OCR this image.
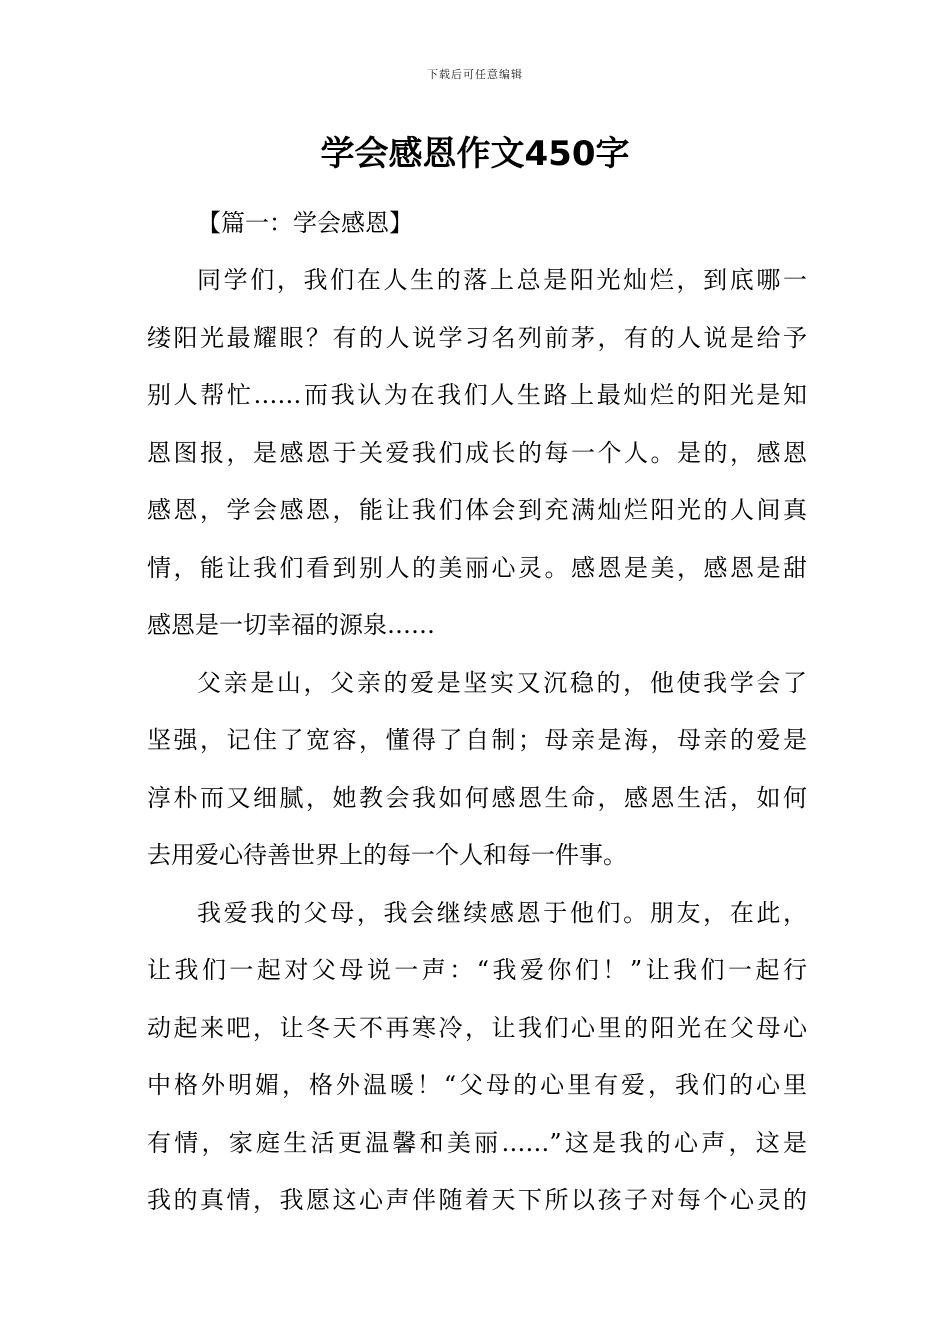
下载后可任意编辑
学会感恩作文450字
【篇一：学会感恩】
同学们，我们在人生的落上总是阳光灿烂，到底哪一
缕阳光最耀眼？有的人说学习名列前茅，有的人说是给予
别人帮忙……而我认为在我们人生路上最灿烂的阳光是知
恩图报，是感恩于关爱我们成长的每一个人。是的，感恩
感恩，学会感恩，能让我们体会到充满灿烂阳光的人间真
情，能让我们看到别人的美丽心灵。感恩是美，感恩是甜
感恩是一切幸福的源泉……
父亲是山，父亲的爱是坚实又沉稳的，他使我学会了
坚强，记住了宽容，懂得了自制；母亲是海，母亲的爱是
淳朴而又细腻，她教会我如何感恩生命，感恩生活，如何
去用爱心待善世界上的每一个人和每一件事。
我爱我的父母，我会继续感恩于他们。朋友，在此，
让我们一起对父母说一声：“我爱你们！”让我们一起行
动起来吧，让冬天不再寒冷，让我们心里的阳光在父母心
中格外明媚，格外温暖！“父母的心里有爱，我们的心里
有情，家庭生活更温馨和美丽……”这是我的心声，这是
我的真情，我愿这心声伴随着天下所以孩子对每个心灵的
